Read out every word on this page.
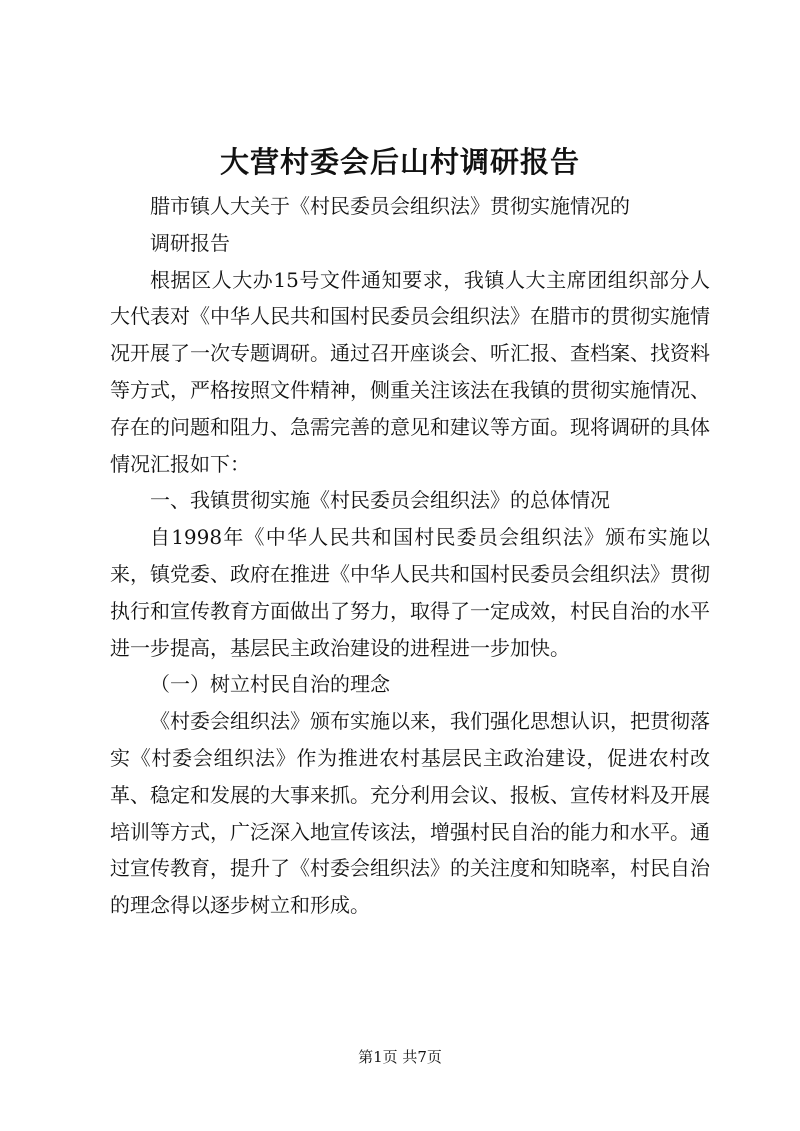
大营村委会后山村调研报告

腊市镇人大关于《村民委员会组织法》贯彻实施情况的

调研报告

根据区人大办15号文件通知要求，我镇人大主席团组织部分人大代表对《中华人民共和国村民委员会组织法》在腊市的贯彻实施情况开展了一次专题调研。通过召开座谈会、听汇报、查档案、找资料等方式，严格按照文件精神，侧重关注该法在我镇的贯彻实施情况、存在的问题和阻力、急需完善的意见和建议等方面。现将调研的具体情况汇报如下：

一、我镇贯彻实施《村民委员会组织法》的总体情况

自1998年《中华人民共和国村民委员会组织法》颁布实施以来，镇党委、政府在推进《中华人民共和国村民委员会组织法》贯彻执行和宣传教育方面做出了努力，取得了一定成效，村民自治的水平进一步提高，基层民主政治建设的进程进一步加快。

（一）树立村民自治的理念

《村委会组织法》颁布实施以来，我们强化思想认识，把贯彻落实《村委会组织法》作为推进农村基层民主政治建设，促进农村改革、稳定和发展的大事来抓。充分利用会议、报板、宣传材料及开展培训等方式，广泛深入地宣传该法，增强村民自治的能力和水平。通过宣传教育，提升了《村委会组织法》的关注度和知晓率，村民自治的理念得以逐步树立和形成。

第1页 共7页
